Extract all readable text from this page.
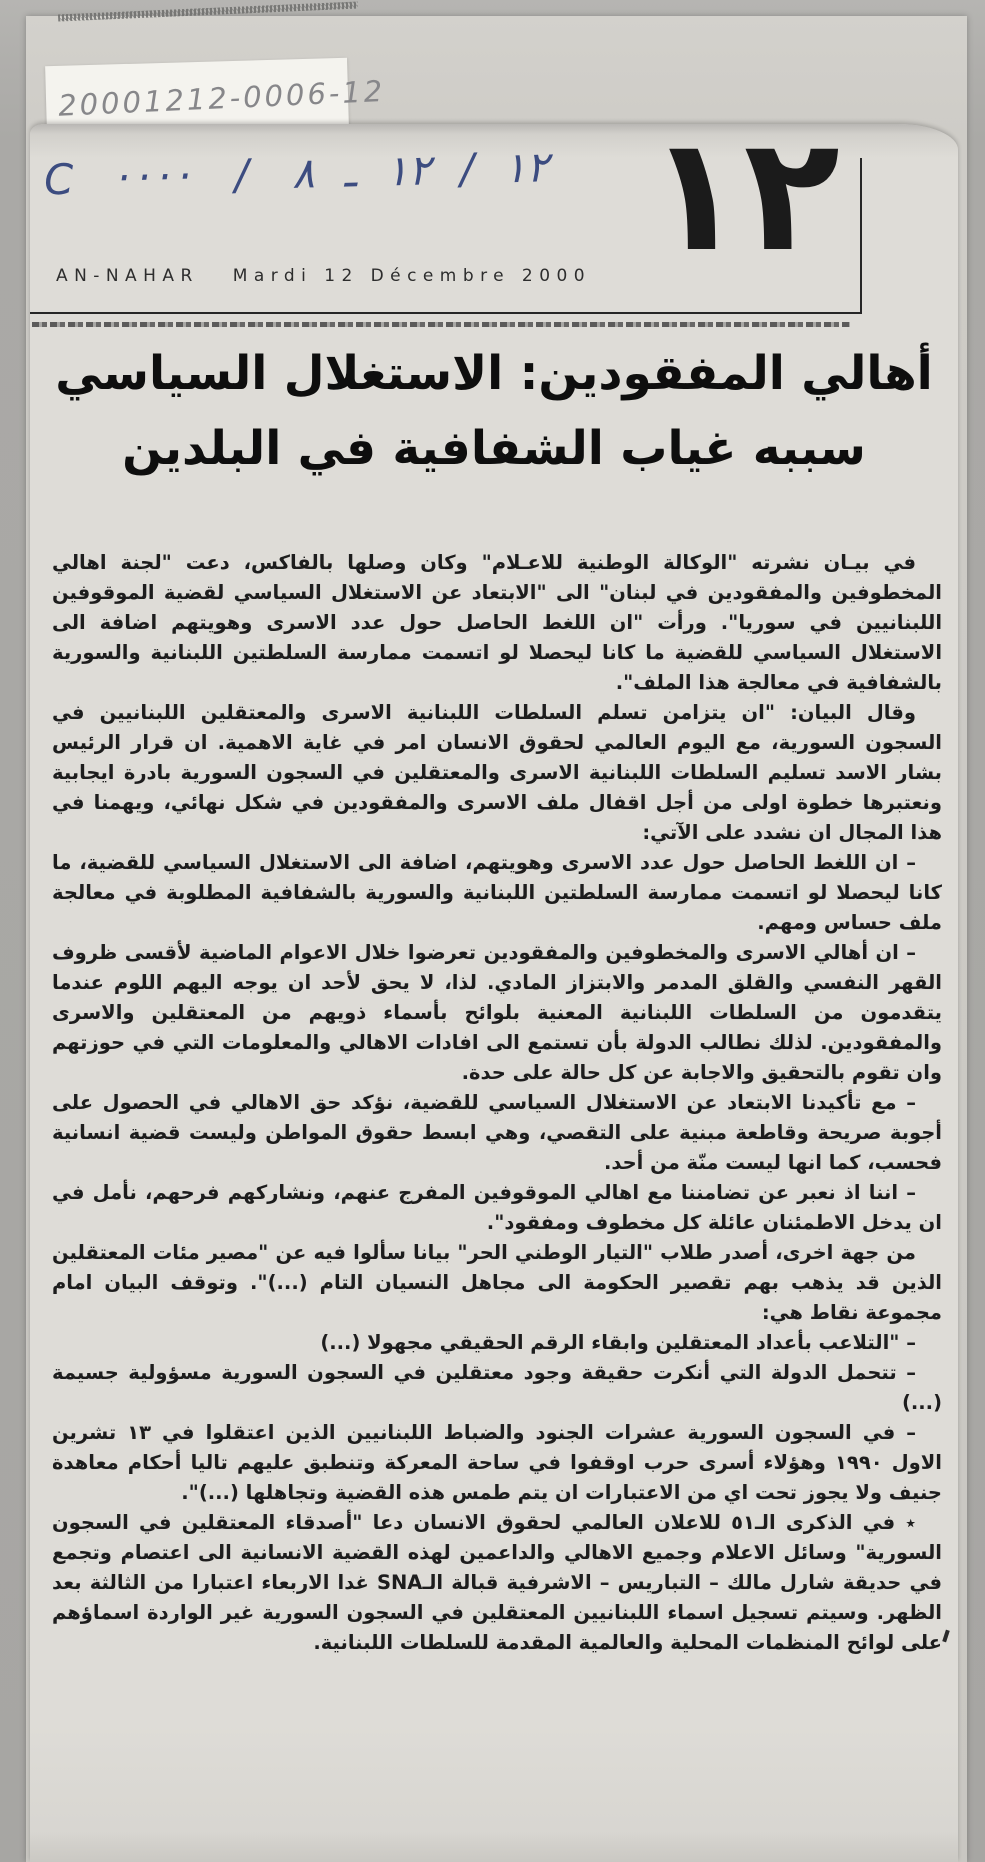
20001212-0006-12
C ···· / ١٢ / ١٢ ـ ٨ ١٢
AN-NAHAR Mardi 12 Décembre 2000
أهالي المفقودين: الاستغلال السياسي
سببه غياب الشفافية في البلدين

في بيـان نشرته "الوكالة الوطنية للاعـلام" وكان وصلها بالفاكس، دعت "لجنة اهالي المخطوفين والمفقودين في لبنان" الى "الابتعاد عن الاستغلال السياسي لقضية الموقوفين اللبنانيين في سوريا". ورأت "ان اللغط الحاصل حول عدد الاسرى وهويتهم اضافة الى الاستغلال السياسي للقضية ما كانا ليحصلا لو اتسمت ممارسة السلطتين اللبنانية والسورية بالشفافية في معالجة هذا الملف".

وقال البيان: "ان يتزامن تسلم السلطات اللبنانية الاسرى والمعتقلين اللبنانيين في السجون السورية، مع اليوم العالمي لحقوق الانسان امر في غاية الاهمية. ان قرار الرئيس بشار الاسد تسليم السلطات اللبنانية الاسرى والمعتقلين في السجون السورية بادرة ايجابية ونعتبرها خطوة اولى من أجل اقفال ملف الاسرى والمفقودين في شكل نهائي، ويهمنا في هذا المجال ان نشدد على الآتي:

– ان اللغط الحاصل حول عدد الاسرى وهويتهم، اضافة الى الاستغلال السياسي للقضية، ما كانا ليحصلا لو اتسمت ممارسة السلطتين اللبنانية والسورية بالشفافية المطلوبة في معالجة ملف حساس ومهم.

– ان أهالي الاسرى والمخطوفين والمفقودين تعرضوا خلال الاعوام الماضية لأقسى ظروف القهر النفسي والقلق المدمر والابتزاز المادي. لذا، لا يحق لأحد ان يوجه اليهم اللوم عندما يتقدمون من السلطات اللبنانية المعنية بلوائح بأسماء ذويهم من المعتقلين والاسرى والمفقودين. لذلك نطالب الدولة بأن تستمع الى افادات الاهالي والمعلومات التي في حوزتهم وان تقوم بالتحقيق والاجابة عن كل حالة على حدة.

– مع تأكيدنا الابتعاد عن الاستغلال السياسي للقضية، نؤكد حق الاهالي في الحصول على أجوبة صريحة وقاطعة مبنية على التقصي، وهي ابسط حقوق المواطن وليست قضية انسانية فحسب، كما انها ليست منّة من أحد.

– اننا اذ نعبر عن تضامننا مع اهالي الموقوفين المفرج عنهم، ونشاركهم فرحهم، نأمل في ان يدخل الاطمئنان عائلة كل مخطوف ومفقود".

من جهة اخرى، أصدر طلاب "التيار الوطني الحر" بيانا سألوا فيه عن "مصير مئات المعتقلين الذين قد يذهب بهم تقصير الحكومة الى مجاهل النسيان التام (...)". وتوقف البيان امام مجموعة نقاط هي:

– "التلاعب بأعداد المعتقلين وابقاء الرقم الحقيقي مجهولا (...)

– تتحمل الدولة التي أنكرت حقيقة وجود معتقلين في السجون السورية مسؤولية جسيمة (...)

– في السجون السورية عشرات الجنود والضباط اللبنانيين الذين اعتقلوا في ١٣ تشرين الاول ١٩٩٠ وهؤلاء أسرى حرب اوقفوا في ساحة المعركة وتنطبق عليهم تاليا أحكام معاهدة جنيف ولا يجوز تحت اي من الاعتبارات ان يتم طمس هذه القضية وتجاهلها (...)".

٭ في الذكرى الـ٥١ للاعلان العالمي لحقوق الانسان دعا "أصدقاء المعتقلين في السجون السورية" وسائل الاعلام وجميع الاهالي والداعمين لهذه القضية الانسانية الى اعتصام وتجمع في حديقة شارل مالك – التباريس – الاشرفية قبالة الـSNA غدا الاربعاء اعتبارا من الثالثة بعد الظهر. وسيتم تسجيل اسماء اللبنانيين المعتقلين في السجون السورية غير الواردة اسماؤهم على لوائح المنظمات المحلية والعالمية المقدمة للسلطات اللبنانية.
